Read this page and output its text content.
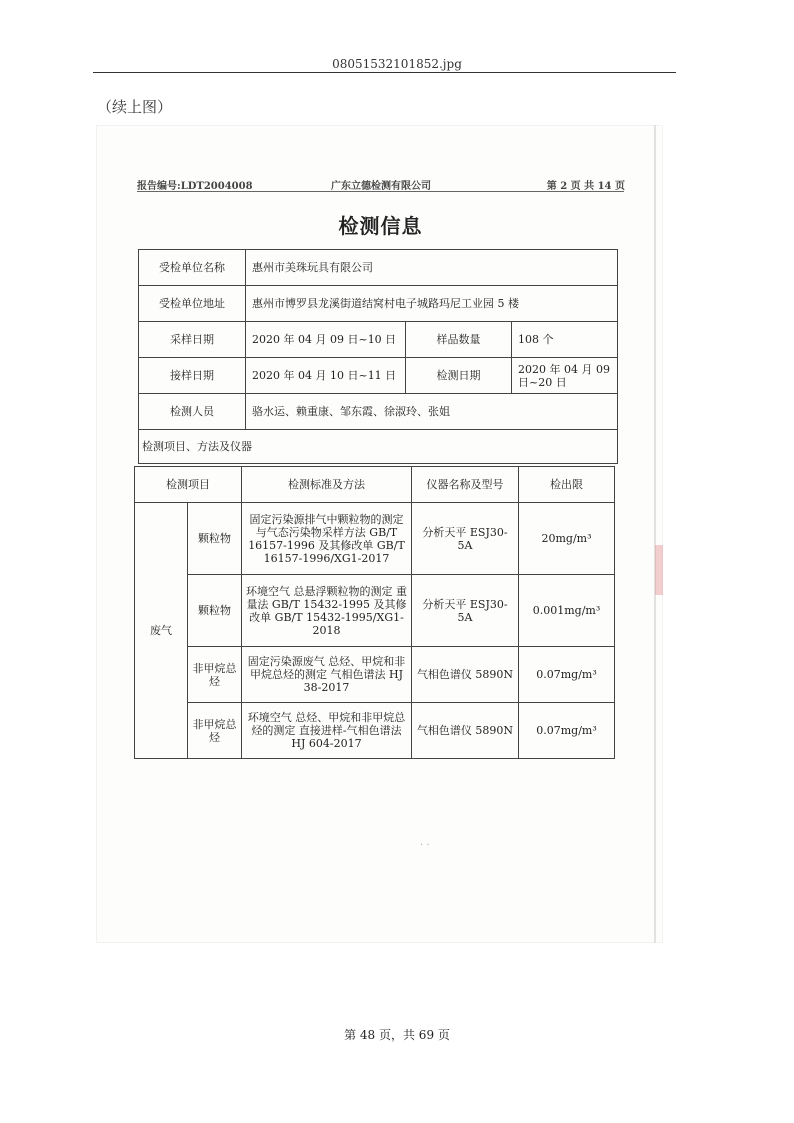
08051532101852.jpg
（续上图）
报告编号:LDT2004008	广东立德检测有限公司	第 2 页 共 14 页
检测信息
受检单位名称	惠州市美珠玩具有限公司		
受检单位地址	惠州市博罗县龙溪街道结窝村电子城路玛尼工业园 5 楼		
采样日期	2020 年 04 月 09 日~10 日	样品数量	108 个
接样日期	2020 年 04 月 10 日~11 日	检测日期	2020 年 04 月 09 日~20 日
检测人员	骆水运、赖重康、邹东霞、徐淑玲、张姐		
检测项目、方法及仪器			
检测项目		检测标准及方法	仪器名称及型号	检出限
废气	颗粒物	固定污染源排气中颗粒物的测定与气态污染物采样方法 GB/T 16157-1996 及其修改单 GB/T 16157-1996/XG1-2017	分析天平 ESJ30-5A	20mg/m³
	颗粒物	环境空气 总悬浮颗粒物的测定 重量法 GB/T 15432-1995 及其修改单 GB/T 15432-1995/XG1-2018	分析天平 ESJ30-5A	0.001mg/m³
	非甲烷总烃	固定污染源废气 总烃、甲烷和非甲烷总烃的测定 气相色谱法 HJ 38-2017	气相色谱仪 5890N	0.07mg/m³
	非甲烷总烃	环境空气 总烃、甲烷和非甲烷总烃的测定 直接进样-气相色谱法 HJ 604-2017	气相色谱仪 5890N	0.07mg/m³
· ·
第 48 页，共 69 页
